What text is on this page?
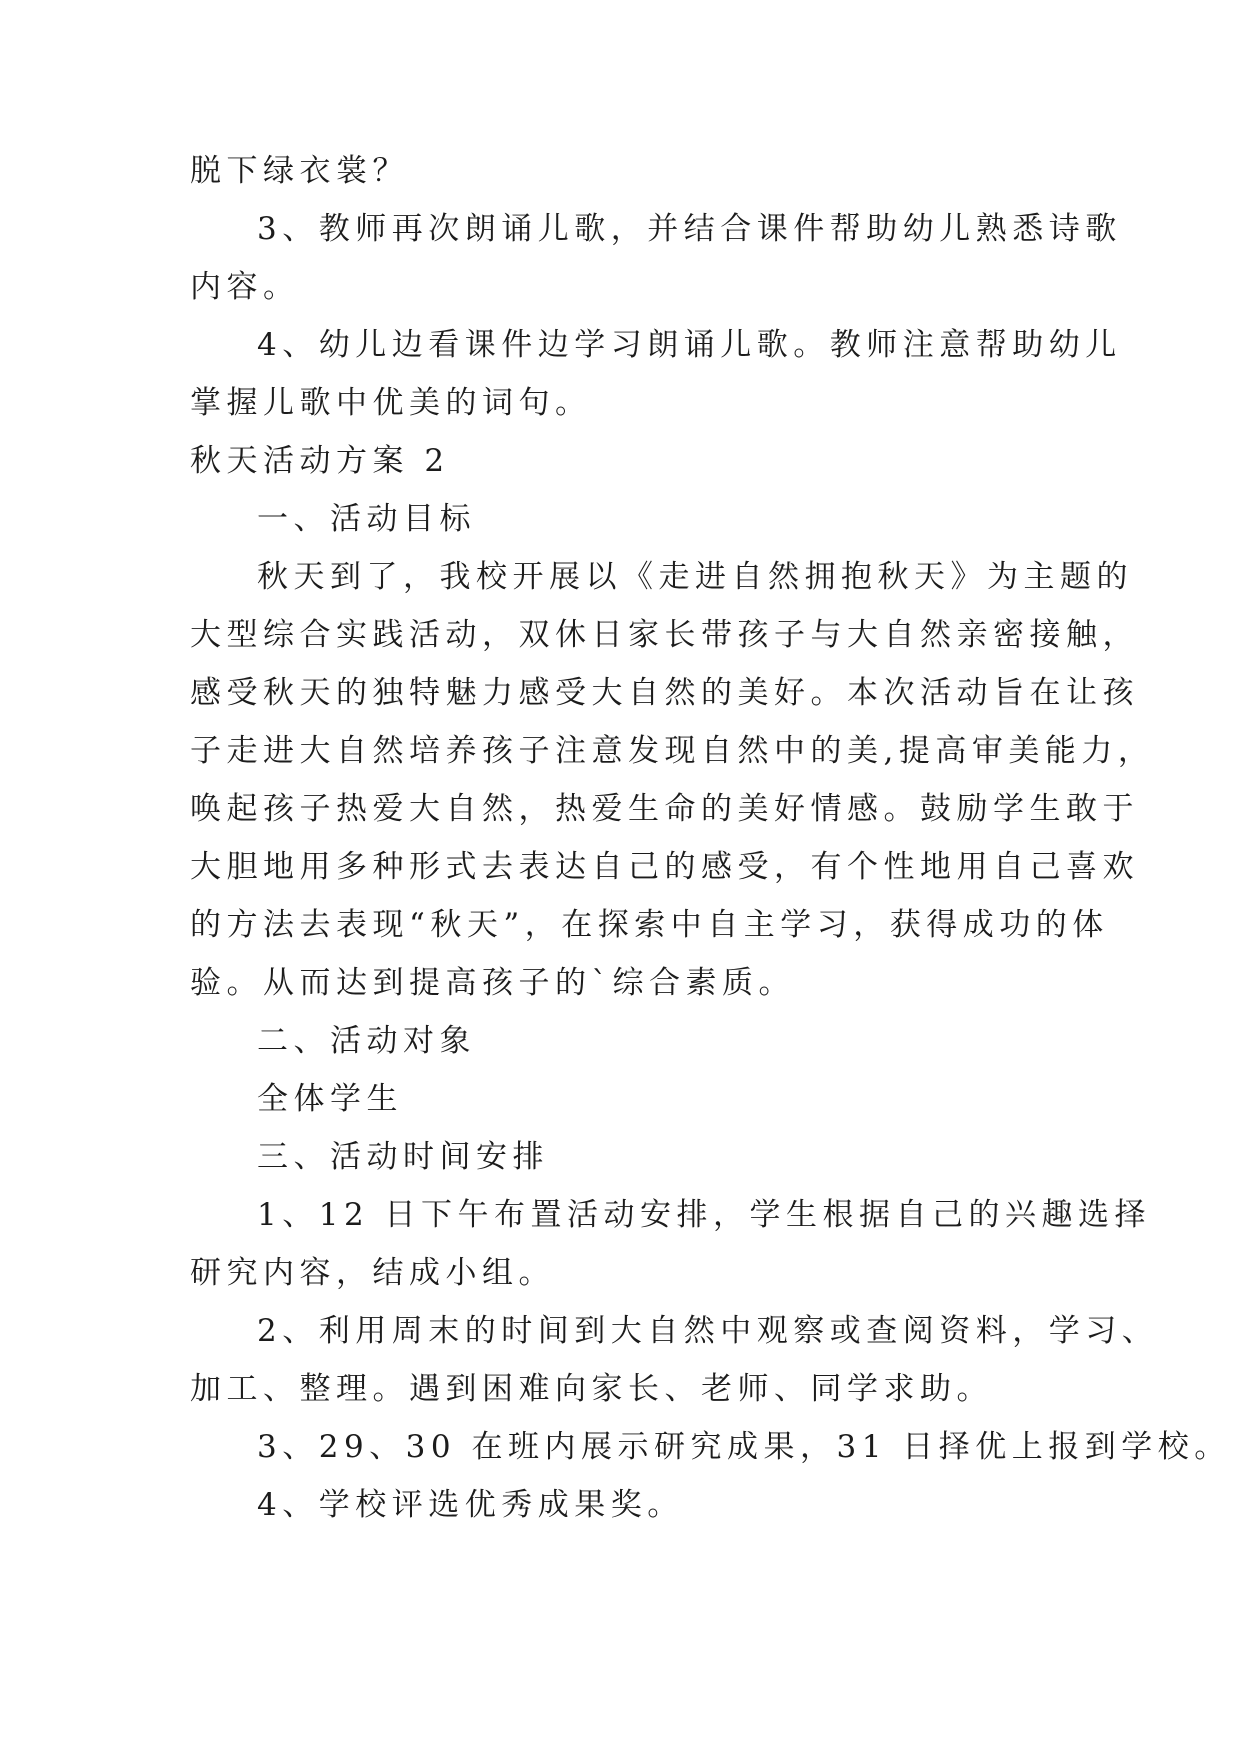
脱下绿衣裳？
3、教师再次朗诵儿歌，并结合课件帮助幼儿熟悉诗歌
内容。
4、幼儿边看课件边学习朗诵儿歌。教师注意帮助幼儿
掌握儿歌中优美的词句。
秋天活动方案 2
一、活动目标
秋天到了，我校开展以《走进自然拥抱秋天》为主题的
大型综合实践活动，双休日家长带孩子与大自然亲密接触，
感受秋天的独特魅力感受大自然的美好。本次活动旨在让孩
子走进大自然培养孩子注意发现自然中的美,提高审美能力，
唤起孩子热爱大自然，热爱生命的美好情感。鼓励学生敢于
大胆地用多种形式去表达自己的感受，有个性地用自己喜欢
的方法去表现“秋天”，在探索中自主学习，获得成功的体
验。从而达到提高孩子的`综合素质。
二、活动对象
全体学生
三、活动时间安排
1、12 日下午布置活动安排，学生根据自己的兴趣选择
研究内容，结成小组。
2、利用周末的时间到大自然中观察或查阅资料，学习、
加工、整理。遇到困难向家长、老师、同学求助。
3、29、30 在班内展示研究成果，31 日择优上报到学校。
4、学校评选优秀成果奖。
